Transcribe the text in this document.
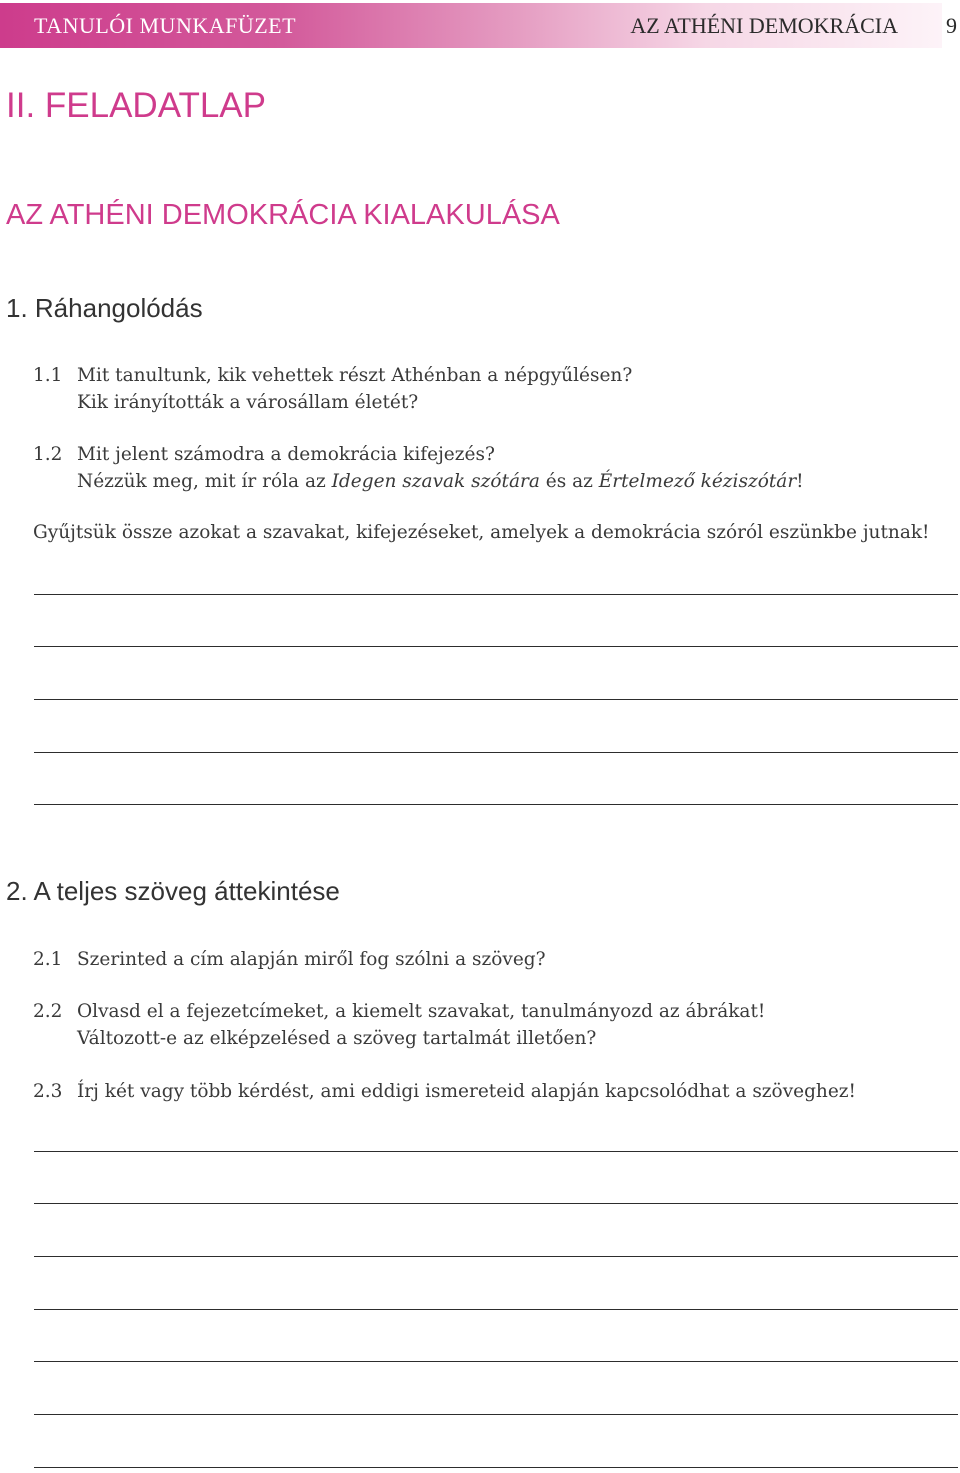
TANULÓI MUNKAFÜZET	AZ ATHÉNI DEMOKRÁCIA 9
II. FELADATLAP
AZ ATHÉNI DEMOKRÁCIA KIALAKULÁSA
1. Ráhangolódás
1.1 Mit tanultunk, kik vehettek részt Athénban a népgyűlésen?
Kik irányították a városállam életét?
1.2 Mit jelent számodra a demokrácia kifejezés?
Nézzük meg, mit ír róla az Idegen szavak szótára és az Értelmező kéziszótár!
Gyűjtsük össze azokat a szavakat, kifejezéseket, amelyek a demokrácia szóról eszünkbe jutnak!
2. A teljes szöveg áttekintése
2.1 Szerinted a cím alapján miről fog szólni a szöveg?
2.2 Olvasd el a fejezetcímeket, a kiemelt szavakat, tanulmányozd az ábrákat!
Változott-e az elképzelésed a szöveg tartalmát illetően?
2.3 Írj két vagy több kérdést, ami eddigi ismereteid alapján kapcsolódhat a szöveghez!
